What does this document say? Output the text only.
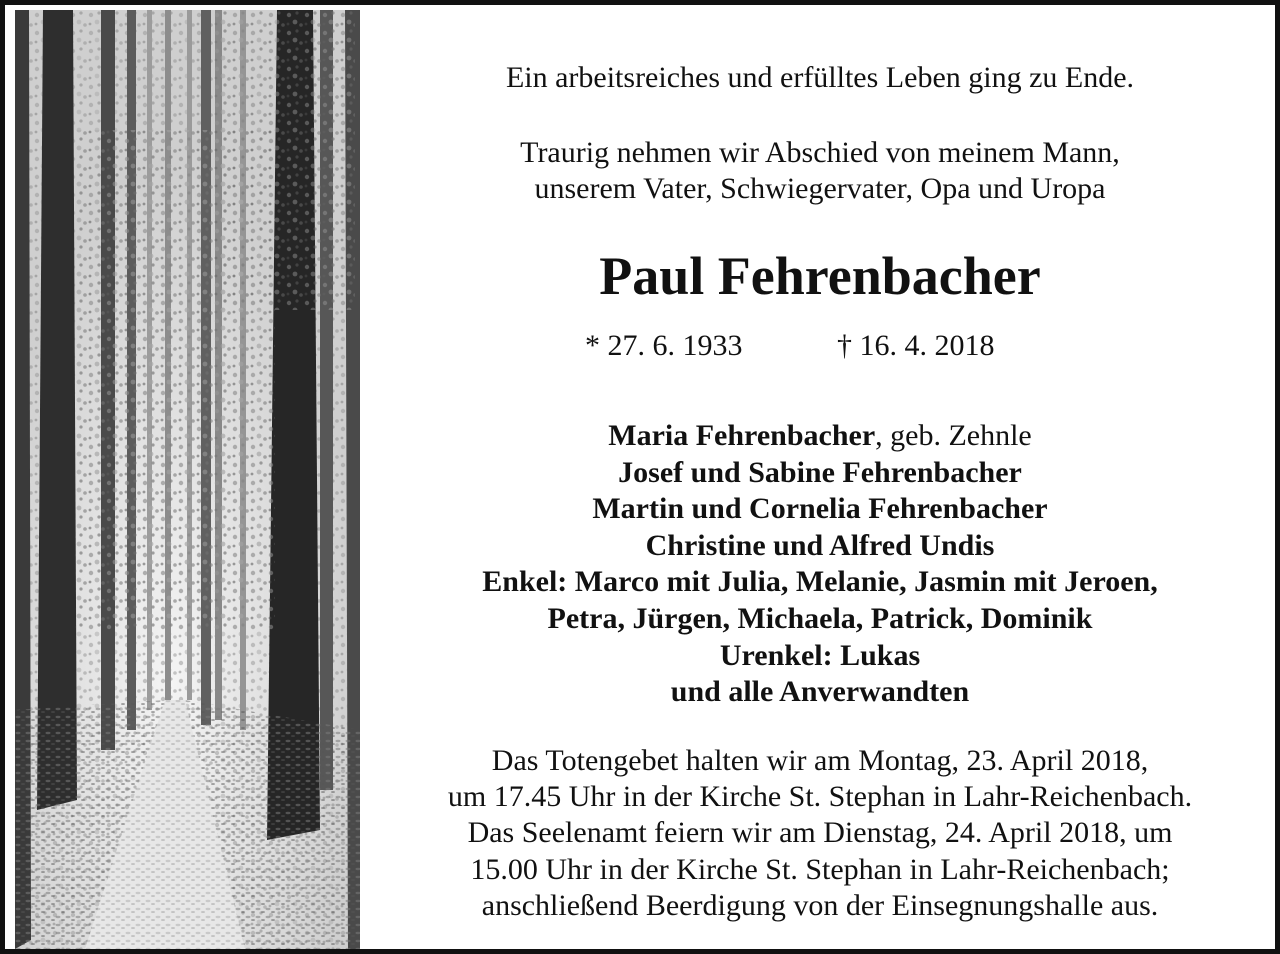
Ein arbeitsreiches und erfülltes Leben ging zu Ende.
Traurig nehmen wir Abschied von meinem Mann,
unserem Vater, Schwiegervater, Opa und Uropa
Paul Fehrenbacher
* 27. 6. 1933	† 16. 4. 2018
Maria Fehrenbacher, geb. Zehnle
Josef und Sabine Fehrenbacher
Martin und Cornelia Fehrenbacher
Christine und Alfred Undis
Enkel: Marco mit Julia, Melanie, Jasmin mit Jeroen,
Petra, Jürgen, Michaela, Patrick, Dominik
Urenkel: Lukas
und alle Anverwandten
Das Totengebet halten wir am Montag, 23. April 2018,
um 17.45 Uhr in der Kirche St. Stephan in Lahr-Reichenbach.
Das Seelenamt feiern wir am Dienstag, 24. April 2018, um
15.00 Uhr in der Kirche St. Stephan in Lahr-Reichenbach;
anschließend Beerdigung von der Einsegnungshalle aus.
